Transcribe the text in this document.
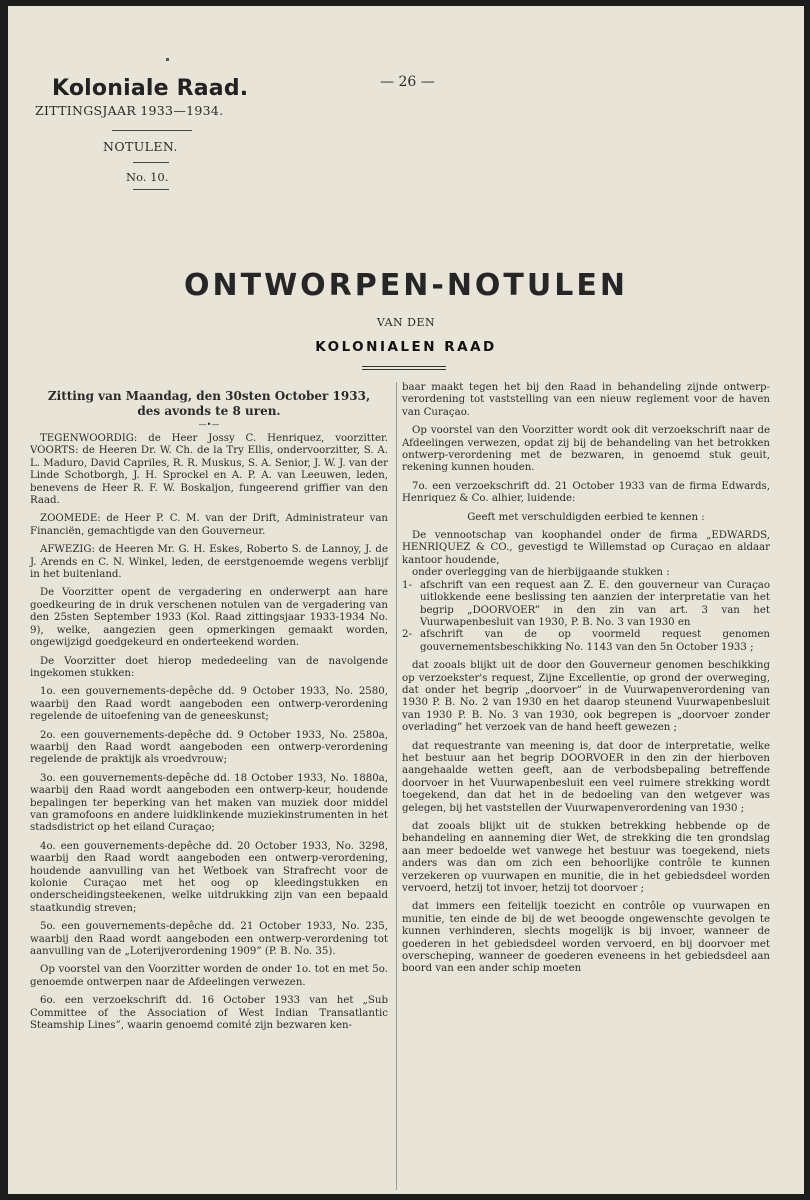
Koloniale Raad.
ZITTINGSJAAR 1933—1934.
— 26 —
NOTULEN.
No. 10.
ONTWORPEN-NOTULEN
VAN DEN
KOLONIALEN RAAD
Zitting van Maandag, den 30sten October 1933,
des avonds te 8 uren.
—•—

TEGENWOORDIG: de Heer Jossy C. Henriquez, voorzitter. VOORTS: de Heeren Dr. W. Ch. de la Try Ellis, ondervoorzitter, S. A. L. Maduro, David Capriles, R. R. Muskus, S. A. Senior, J. W. J. van der Linde Schotborgh, J. H. Sprockel en A. P. A. van Leeuwen, leden, benevens de Heer R. F. W. Boskaljon, fungeerend griffier van den Raad.

ZOOMEDE: de Heer P. C. M. van der Drift, Administrateur van Financiën, gemachtigde van den Gouverneur.

AFWEZIG: de Heeren Mr. G. H. Eskes, Roberto S. de Lannoy, J. de J. Arends en C. N. Winkel, leden, de eerstgenoemde wegens verblijf in het buitenland.

De Voorzitter opent de vergadering en onderwerpt aan hare goedkeuring de in druk verschenen notulen van de vergadering van den 25sten September 1933 (Kol. Raad zittingsjaar 1933-1934 No. 9), welke, aangezien geen opmerkingen gemaakt worden, ongewijzigd goedgekeurd en onderteekend worden.

De Voorzitter doet hierop mededeeling van de navolgende ingekomen stukken:

1o. een gouvernements-depêche dd. 9 October 1933, No. 2580, waarbij den Raad wordt aangeboden een ontwerp-verordening regelende de uitoefening van de geneeskunst;

2o. een gouvernements-depêche dd. 9 October 1933, No. 2580a, waarbij den Raad wordt aangeboden een ontwerp-verordening regelende de praktijk als vroedvrouw;

3o. een gouvernements-depêche dd. 18 October 1933, No. 1880a, waarbij den Raad wordt aangeboden een ontwerp-keur, houdende bepalingen ter beperking van het maken van muziek door middel van gramofoons en andere luidklinkende muziekinstrumenten in het stadsdistrict op het eiland Curaçao;

4o. een gouvernements-depêche dd. 20 October 1933, No. 3298, waarbij den Raad wordt aangeboden een ontwerp-verordening, houdende aanvulling van het Wetboek van Strafrecht voor de kolonie Curaçao met het oog op kleedingstukken en onderscheidingsteekenen, welke uitdrukking zijn van een bepaald staatkundig streven;

5o. een gouvernements-depêche dd. 21 October 1933, No. 235, waarbij den Raad wordt aangeboden een ontwerp-verordening tot aanvulling van de „Loterijverordening 1909” (P. B. No. 35).

Op voorstel van den Voorzitter worden de onder 1o. tot en met 5o. genoemde ontwerpen naar de Afdeelingen verwezen.

6o. een verzoekschrift dd. 16 October 1933 van het „Sub Committee of the Association of West Indian Transatlantic Steamship Lines”, waarin genoemd comité zijn bezwaren ken-

baar maakt tegen het bij den Raad in behandeling zijnde ontwerp-verordening tot vaststelling van een nieuw reglement voor de haven van Curaçao.

Op voorstel van den Voorzitter wordt ook dit verzoekschrift naar de Afdeelingen verwezen, opdat zij bij de behandeling van het betrokken ontwerp-verordening met de bezwaren, in genoemd stuk geuit, rekening kunnen houden.

7o. een verzoekschrift dd. 21 October 1933 van de firma Edwards, Henriquez & Co. alhier, luidende:

Geeft met verschuldigden eerbied te kennen :

De vennootschap van koophandel onder de firma „EDWARDS, HENRIQUEZ & CO., gevestigd te Willemstad op Curaçao en aldaar kantoor houdende,

onder overlegging van de hierbijgaande stukken :

1- afschrift van een request aan Z. E. den gouverneur van Curaçao uitlokkende eene beslissing ten aanzien der interpretatie van het begrip „DOORVOER” in den zin van art. 3 van het Vuurwapenbesluit van 1930, P. B. No. 3 van 1930 en
2- afschrift van de op voormeld request genomen gouvernementsbeschikking No. 1143 van den 5n October 1933 ;

dat zooals blijkt uit de door den Gouverneur genomen beschikking op verzoekster's request, Zijne Excellentie, op grond der overweging, dat onder het begrip „doorvoer” in de Vuurwapenverordening van 1930 P. B. No. 2 van 1930 en het daarop steunend Vuurwapenbesluit van 1930 P. B. No. 3 van 1930, ook begrepen is „doorvoer zonder overlading” het verzoek van de hand heeft gewezen ;

dat requestrante van meening is, dat door de interpretatie, welke het bestuur aan het begrip DOORVOER in den zin der hierboven aangehaalde wetten geeft, aan de verbodsbepaling betreffende doorvoer in het Vuurwapenbesluit een veel ruimere strekking wordt toegekend, dan dat het in de bedoeling van den wetgever was gelegen, bij het vaststellen der Vuurwapenverordening van 1930 ;

dat zooals blijkt uit de stukken betrekking hebbende op de behandeling en aanneming dier Wet, de strekking die ten grondslag aan meer bedoelde wet vanwege het bestuur was toegekend, niets anders was dan om zich een behoorlijke contrôle te kunnen verzekeren op vuurwapen en munitie, die in het gebiedsdeel worden vervoerd, hetzij tot invoer, hetzij tot doorvoer ;

dat immers een feitelijk toezicht en contrôle op vuurwapen en munitie, ten einde de bij de wet beoogde ongewenschte gevolgen te kunnen verhinderen, slechts mogelijk is bij invoer, wanneer de goederen in het gebiedsdeel worden vervoerd, en bij doorvoer met overscheping, wanneer de goederen eveneens in het gebiedsdeel aan boord van een ander schip moeten
